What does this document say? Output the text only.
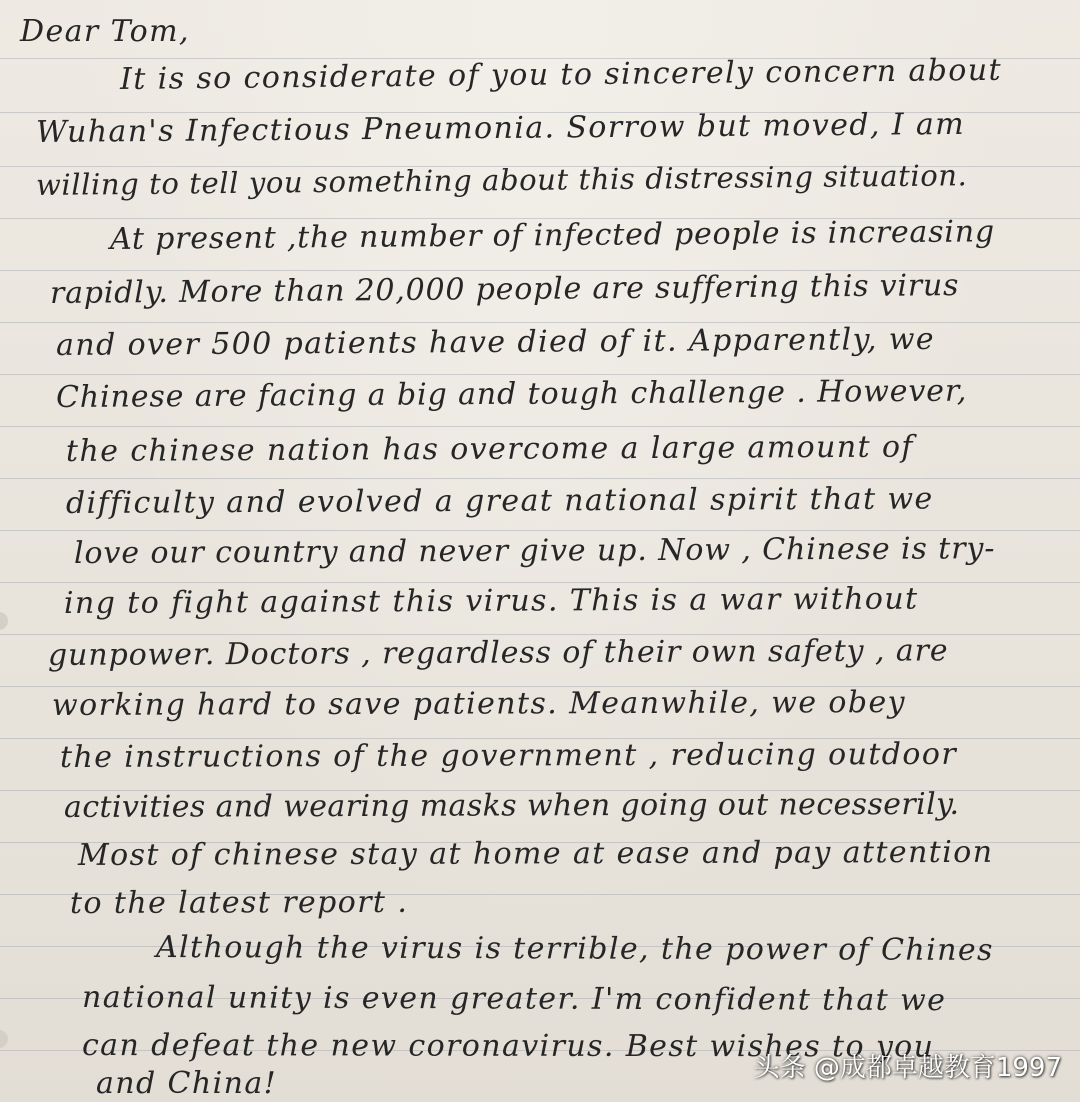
Dear Tom,
It is so considerate of you to sincerely concern about
Wuhan's Infectious Pneumonia. Sorrow but moved, I am
willing to tell you something about this distressing situation.
At present ,the number of infected people is increasing
rapidly. More than 20,000 people are suffering this virus
and over 500 patients have died of it. Apparently, we
Chinese are facing a big and tough challenge . However,
the chinese nation has overcome a large amount of
difficulty and evolved a great national spirit that we
love our country and never give up. Now , Chinese is try-
ing to fight against this virus. This is a war without
gunpower. Doctors , regardless of their own safety , are
working hard to save patients. Meanwhile, we obey
the instructions of the government , reducing outdoor
activities and wearing masks when going out necesserily.
Most of chinese stay at home at ease and pay attention
to the latest report .
Although the virus is terrible, the power of Chines
national unity is even greater. I'm confident that we
can defeat the new coronavirus. Best wishes to you
and China!	头条 @成都卓越教育1997
